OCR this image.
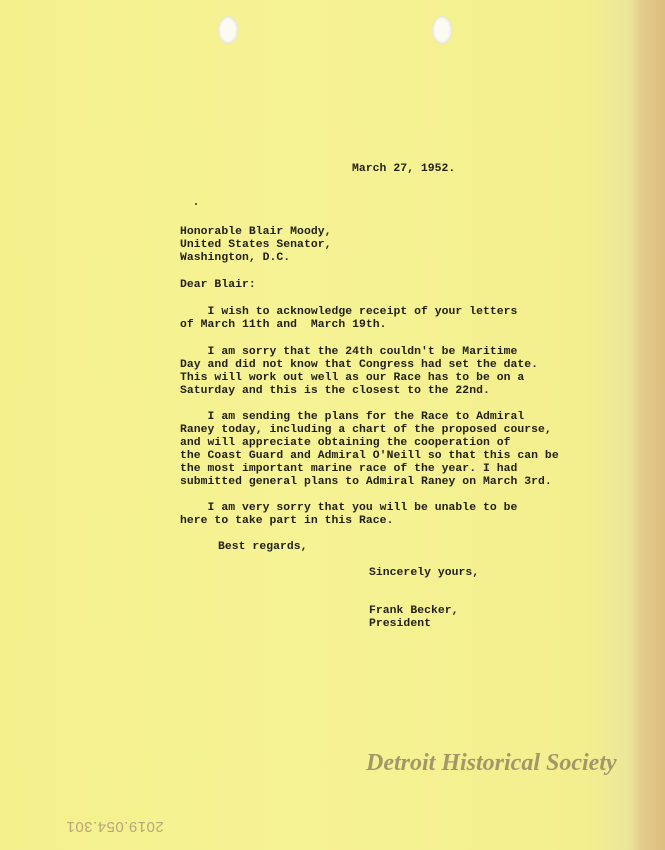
March 27, 1952.
Honorable Blair Moody,
United States Senator,
Washington, D.C.
Dear Blair:
I wish to acknowledge receipt of your letters
of March 11th and  March 19th.
I am sorry that the 24th couldn't be Maritime
Day and did not know that Congress had set the date.
This will work out well as our Race has to be on a
Saturday and this is the closest to the 22nd.
I am sending the plans for the Race to Admiral
Raney today, including a chart of the proposed course,
and will appreciate obtaining the cooperation of
the Coast Guard and Admiral O'Neill so that this can be
the most important marine race of the year. I had
submitted general plans to Admiral Raney on March 3rd.
I am very sorry that you will be unable to be
here to take part in this Race.
Best regards,
Sincerely yours,
Frank Becker,
President
Detroit Historical Society
2019.054.301
